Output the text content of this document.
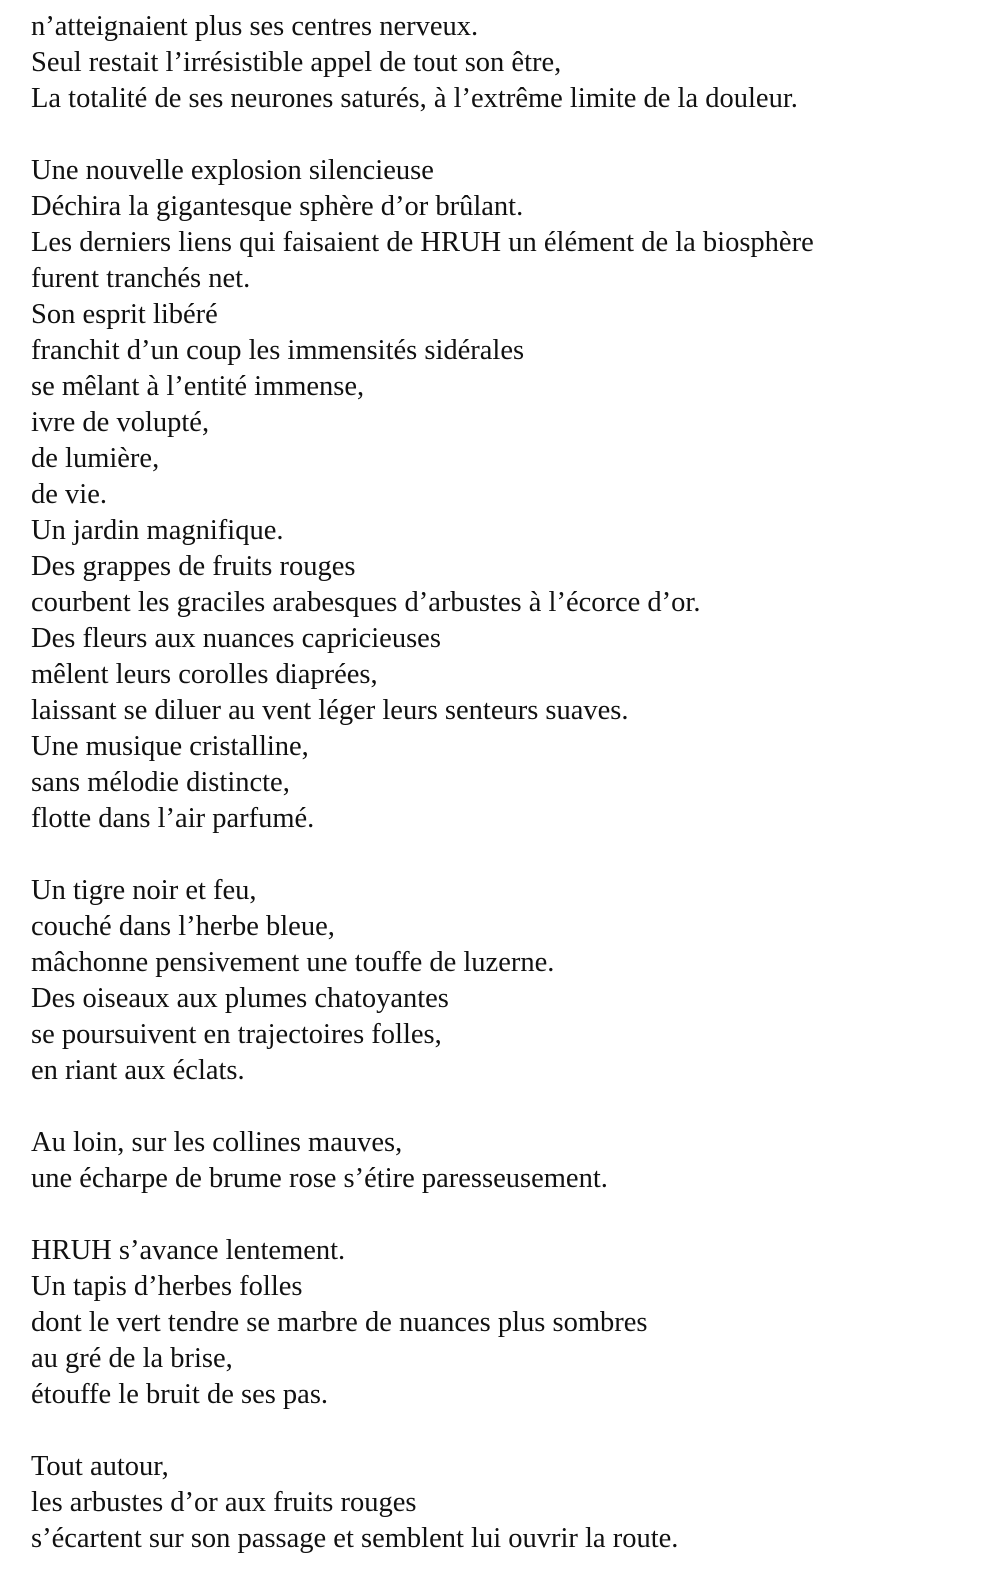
n’atteignaient plus ses centres nerveux.
Seul restait l’irrésistible appel de tout son être,
La totalité de ses neurones saturés, à l’extrême limite de la douleur.
Une nouvelle explosion silencieuse
Déchira la gigantesque sphère d’or brûlant.
Les derniers liens qui faisaient de HRUH un élément de la biosphère
furent tranchés net.
Son esprit libéré
franchit d’un coup les immensités sidérales
se mêlant à l’entité immense,
ivre de volupté,
de lumière,
de vie.
Un jardin magnifique.
Des grappes de fruits rouges
courbent les graciles arabesques d’arbustes à l’écorce d’or.
Des fleurs aux nuances capricieuses
mêlent leurs corolles diaprées,
laissant se diluer au vent léger leurs senteurs suaves.
Une musique cristalline,
sans mélodie distincte,
flotte dans l’air parfumé.
Un tigre noir et feu,
couché dans l’herbe bleue,
mâchonne pensivement une touffe de luzerne.
Des oiseaux aux plumes chatoyantes
se poursuivent en trajectoires folles,
en riant aux éclats.
Au loin, sur les collines mauves,
une écharpe de brume rose s’étire paresseusement.
HRUH s’avance lentement.
Un tapis d’herbes folles
dont le vert tendre se marbre de nuances plus sombres
au gré de la brise,
étouffe le bruit de ses pas.
Tout autour,
les arbustes d’or aux fruits rouges
s’écartent sur son passage et semblent lui ouvrir la route.
